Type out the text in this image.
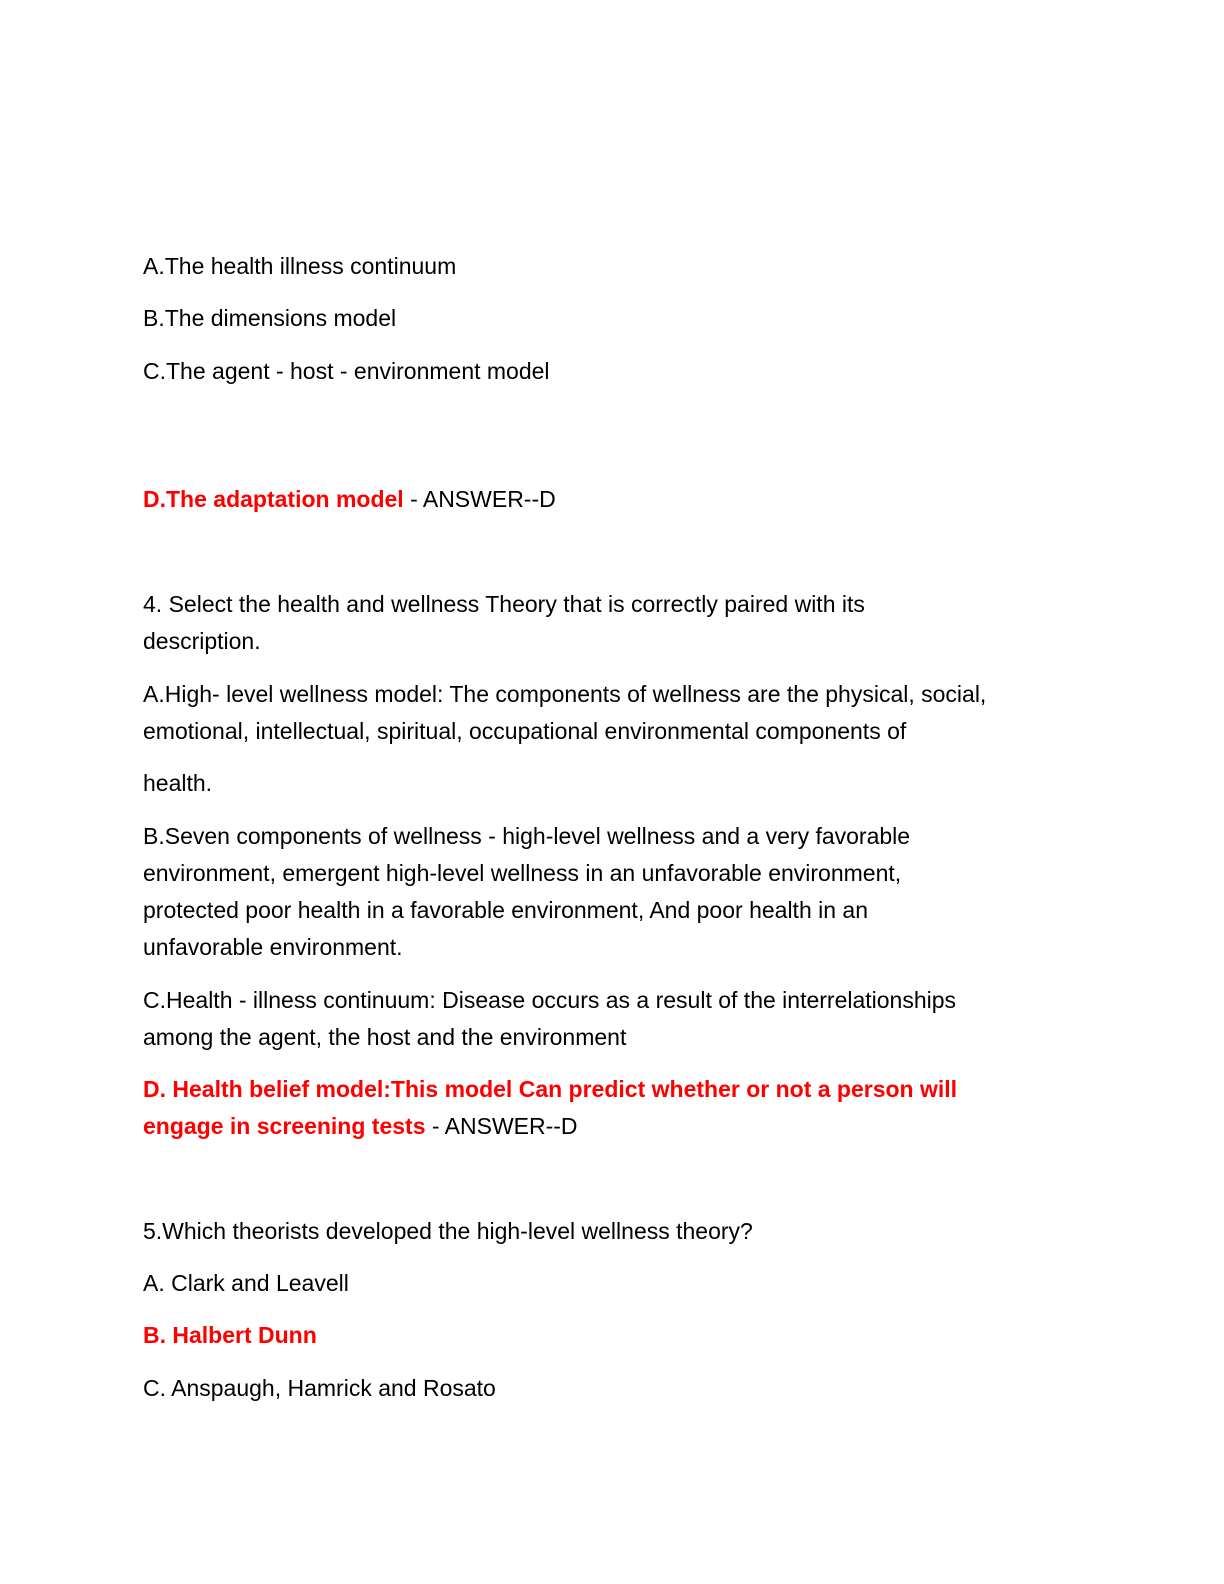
A.The health illness continuum
B.The dimensions model
C.The agent - host - environment model
D.The adaptation model - ANSWER--D
4. Select the health and wellness Theory that is correctly paired with its
description.
A.High- level wellness model: The components of wellness are the physical, social,
emotional, intellectual, spiritual, occupational environmental components of
health.
B.Seven components of wellness - high-level wellness and a very favorable
environment, emergent high-level wellness in an unfavorable environment,
protected poor health in a favorable environment, And poor health in an
unfavorable environment.
C.Health - illness continuum: Disease occurs as a result of the interrelationships
among the agent, the host and the environment
D. Health belief model:This model Can predict whether or not a person will
engage in screening tests - ANSWER--D
5.Which theorists developed the high-level wellness theory?
A. Clark and Leavell
B. Halbert Dunn
C. Anspaugh, Hamrick and Rosato
